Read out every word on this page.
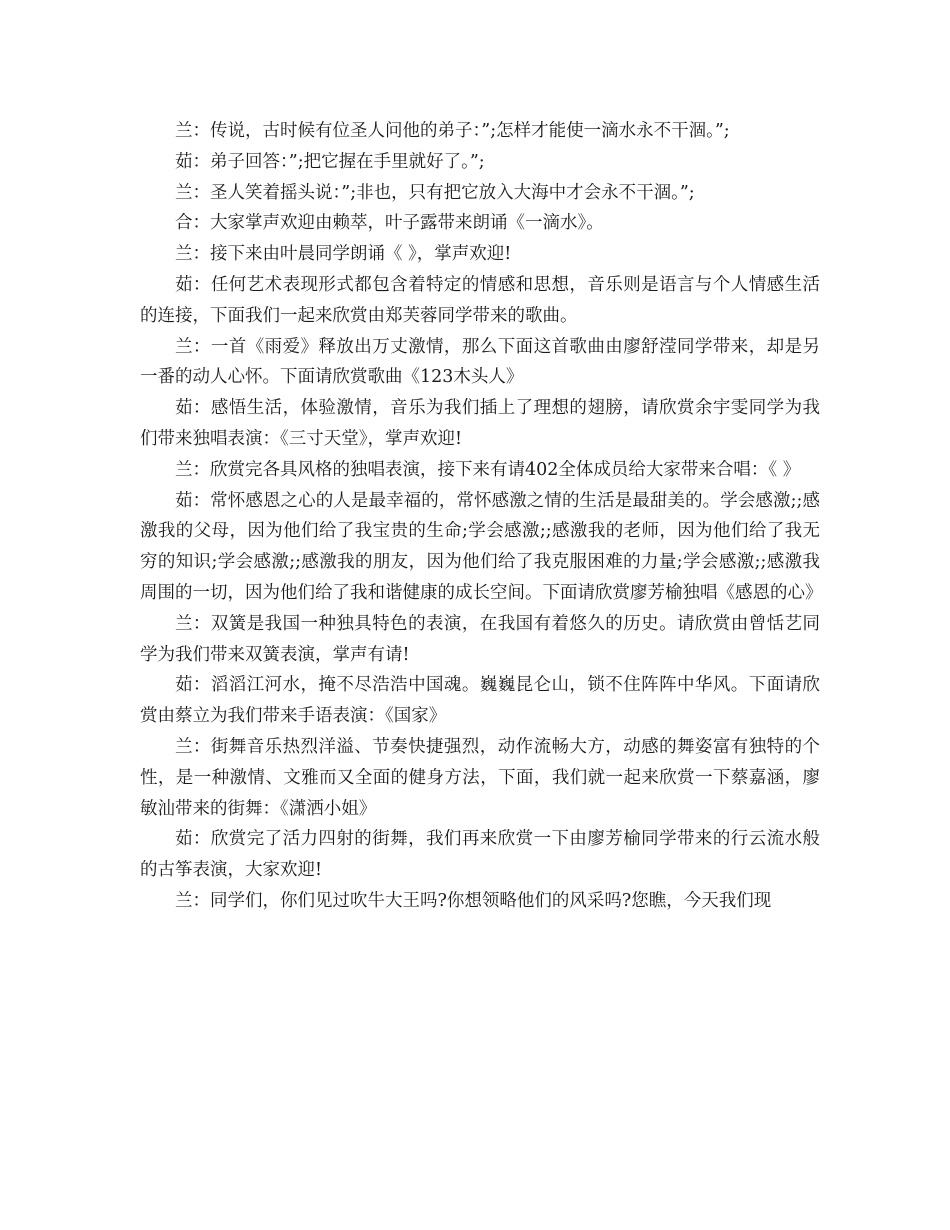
兰：传说，古时候有位圣人问他的弟子：”;怎样才能使一滴水永不干涸。”;

茹：弟子回答：”;把它握在手里就好了。”;

兰：圣人笑着摇头说：”;非也，只有把它放入大海中才会永不干涸。”;

合：大家掌声欢迎由赖萃，叶子露带来朗诵《一滴水》。

兰：接下来由叶晨同学朗诵《 》，掌声欢迎!

茹：任何艺术表现形式都包含着特定的情感和思想，音乐则是语言与个人情感生活的连接，下面我们一起来欣赏由郑芙蓉同学带来的歌曲。

兰：一首《雨爱》释放出万丈激情，那么下面这首歌曲由廖舒滢同学带来，却是另一番的动人心怀。下面请欣赏歌曲《123木头人》

茹：感悟生活，体验激情，音乐为我们插上了理想的翅膀，请欣赏余宇雯同学为我们带来独唱表演：《三寸天堂》，掌声欢迎!

兰：欣赏完各具风格的独唱表演，接下来有请402全体成员给大家带来合唱：《 》

茹：常怀感恩之心的人是最幸福的，常怀感激之情的生活是最甜美的。学会感激;;感激我的父母，因为他们给了我宝贵的生命;学会感激;;感激我的老师，因为他们给了我无穷的知识;学会感激;;感激我的朋友，因为他们给了我克服困难的力量;学会感激;;感激我周围的一切，因为他们给了我和谐健康的成长空间。下面请欣赏廖芳榆独唱《感恩的心》

兰：双簧是我国一种独具特色的表演，在我国有着悠久的历史。请欣赏由曾恬艺同学为我们带来双簧表演，掌声有请!

茹：滔滔江河水，掩不尽浩浩中国魂。巍巍昆仑山，锁不住阵阵中华风。下面请欣赏由蔡立为我们带来手语表演：《国家》

兰：街舞音乐热烈洋溢、节奏快捷强烈，动作流畅大方，动感的舞姿富有独特的个性，是一种激情、文雅而又全面的健身方法，下面，我们就一起来欣赏一下蔡嘉涵，廖敏汕带来的街舞：《潇洒小姐》

茹：欣赏完了活力四射的街舞，我们再来欣赏一下由廖芳榆同学带来的行云流水般的古筝表演，大家欢迎!

兰：同学们，你们见过吹牛大王吗?你想领略他们的风采吗?您瞧，今天我们现
